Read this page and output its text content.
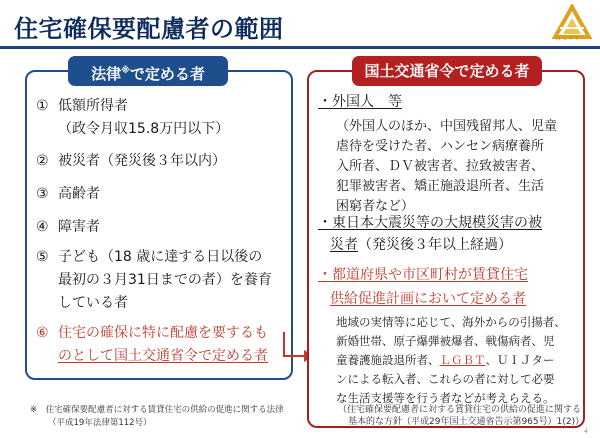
住宅確保要配慮者の範囲	M L I T
法律※で定める者
① 低額所得者
（政令月収15.8万円以下）
② 被災者（発災後３年以内）
③ 高齢者
④ 障害者
⑤ 子ども（18 歳に達する日以後の
最初の３月31日までの者）を養育
している者
⑥ 住宅の確保に特に配慮を要するも
のとして国土交通省令で定める者
国土交通省令で定める者
・外国人　等
（外国人のほか、中国残留邦人、児童
虐待を受けた者、ハンセン病療養所
入所者、ＤＶ被害者、拉致被害者、
犯罪被害者、矯正施設退所者、生活
困窮者など）
・東日本大震災等の大規模災害の被
災者（発災後３年以上経過）
・都道府県や市区町村が賃貸住宅
供給促進計画において定める者
地域の実情等に応じて、海外からの引揚者、
新婚世帯、原子爆弾被爆者、戦傷病者、児
童養護施設退所者、ＬＧＢＴ、ＵＩＪター
ンによる転入者、これらの者に対して必要
な生活支援等を行う者などが考えらえる。
（住宅確保要配慮者に対する賃貸住宅の供給の促進に関する
基本的な方針（平成29年国土交通省告示第965号）1(2)）
※　住宅確保要配慮者に対する賃貸住宅の供給の促進に関する法律
（平成19年法律第112号）
4
